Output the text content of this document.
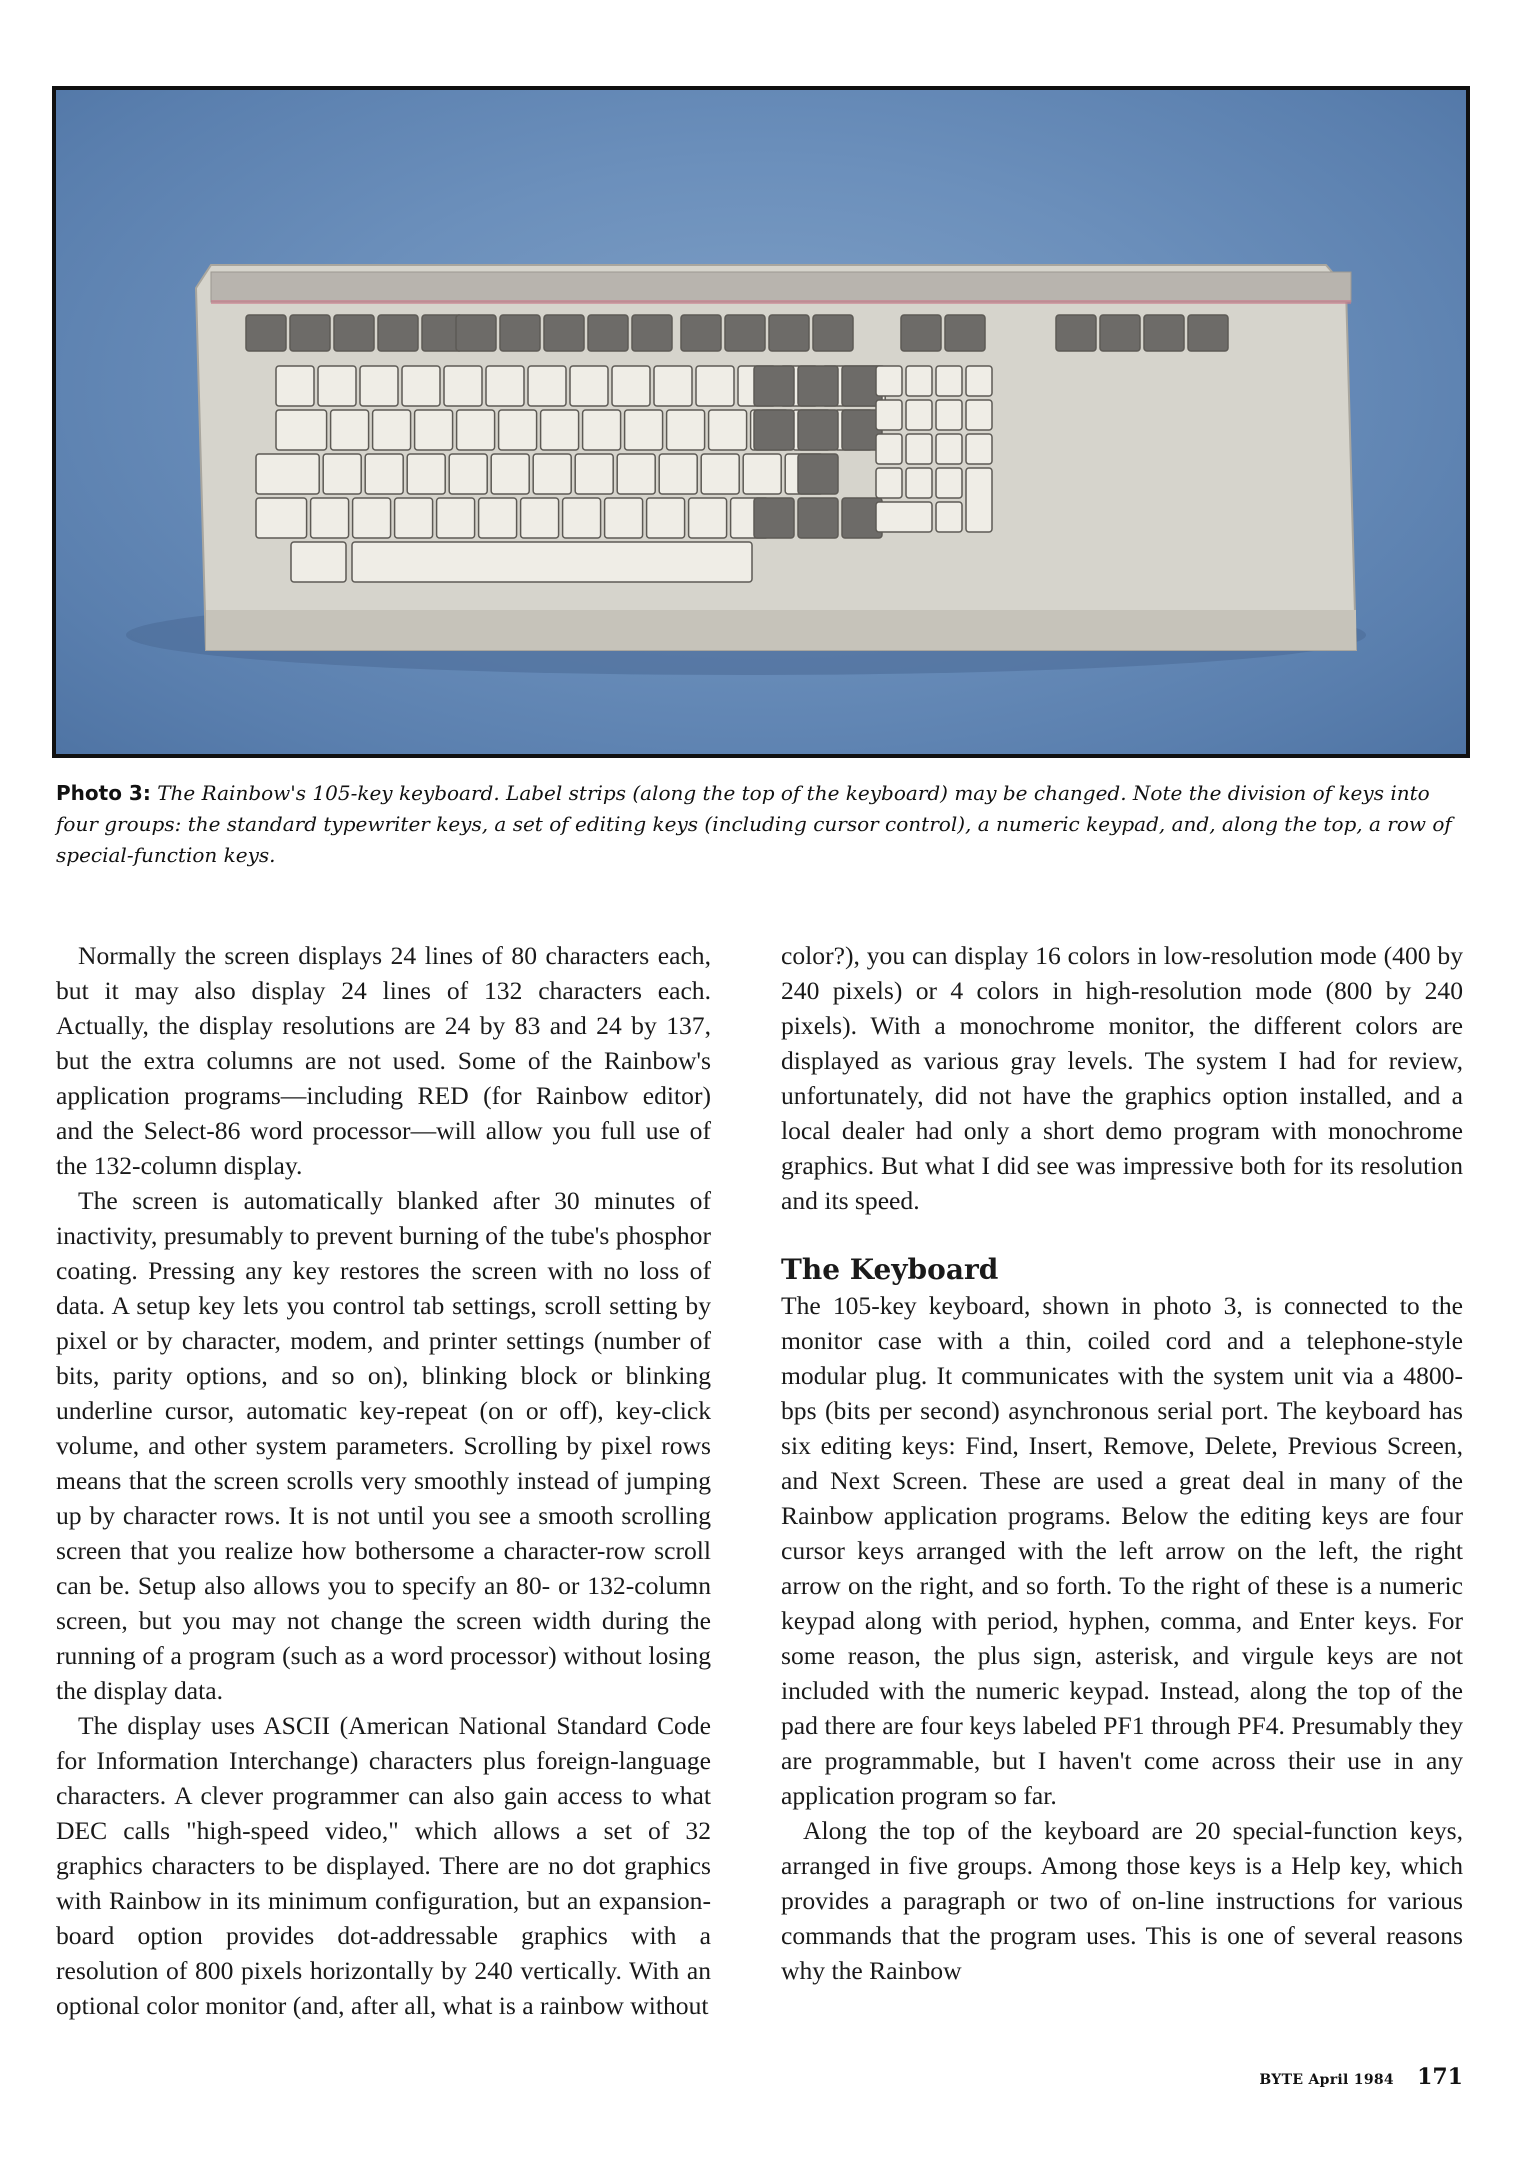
Photo 3: The Rainbow's 105-key keyboard. Label strips (along the top of the keyboard) may be changed. Note the division of keys into four groups: the standard typewriter keys, a set of editing keys (including cursor control), a numeric keypad, and, along the top, a row of special-function keys.

Normally the screen displays 24 lines of 80 characters each, but it may also display 24 lines of 132 characters each. Actually, the display resolutions are 24 by 83 and 24 by 137, but the extra columns are not used. Some of the Rainbow's application programs—including RED (for Rainbow editor) and the Select-86 word processor—will allow you full use of the 132-column display.

The screen is automatically blanked after 30 minutes of inactivity, presumably to prevent burning of the tube's phosphor coating. Pressing any key restores the screen with no loss of data. A setup key lets you control tab settings, scroll setting by pixel or by character, modem, and printer settings (number of bits, parity options, and so on), blinking block or blinking underline cursor, automatic key-repeat (on or off), key-click volume, and other system parameters. Scrolling by pixel rows means that the screen scrolls very smoothly instead of jumping up by character rows. It is not until you see a smooth scrolling screen that you realize how bothersome a character-row scroll can be. Setup also allows you to specify an 80- or 132-column screen, but you may not change the screen width during the running of a program (such as a word processor) without losing the display data.

The display uses ASCII (American National Standard Code for Information Interchange) characters plus foreign-language characters. A clever programmer can also gain access to what DEC calls "high-speed video," which allows a set of 32 graphics characters to be displayed. There are no dot graphics with Rainbow in its minimum configuration, but an expansion-board option provides dot-addressable graphics with a resolution of 800 pixels horizontally by 240 vertically. With an optional color monitor (and, after all, what is a rainbow without

color?), you can display 16 colors in low-resolution mode (400 by 240 pixels) or 4 colors in high-resolution mode (800 by 240 pixels). With a monochrome monitor, the different colors are displayed as various gray levels. The system I had for review, unfortunately, did not have the graphics option installed, and a local dealer had only a short demo program with monochrome graphics. But what I did see was impressive both for its resolution and its speed.

The Keyboard

The 105-key keyboard, shown in photo 3, is connected to the monitor case with a thin, coiled cord and a telephone-style modular plug. It communicates with the system unit via a 4800-bps (bits per second) asynchronous serial port. The keyboard has six editing keys: Find, Insert, Remove, Delete, Previous Screen, and Next Screen. These are used a great deal in many of the Rainbow application programs. Below the editing keys are four cursor keys arranged with the left arrow on the left, the right arrow on the right, and so forth. To the right of these is a numeric keypad along with period, hyphen, comma, and Enter keys. For some reason, the plus sign, asterisk, and virgule keys are not included with the numeric keypad. Instead, along the top of the pad there are four keys labeled PF1 through PF4. Presumably they are programmable, but I haven't come across their use in any application program so far.

Along the top of the keyboard are 20 special-function keys, arranged in five groups. Among those keys is a Help key, which provides a paragraph or two of on-line instructions for various commands that the program uses. This is one of several reasons why the Rainbow

BYTE April 1984 171
